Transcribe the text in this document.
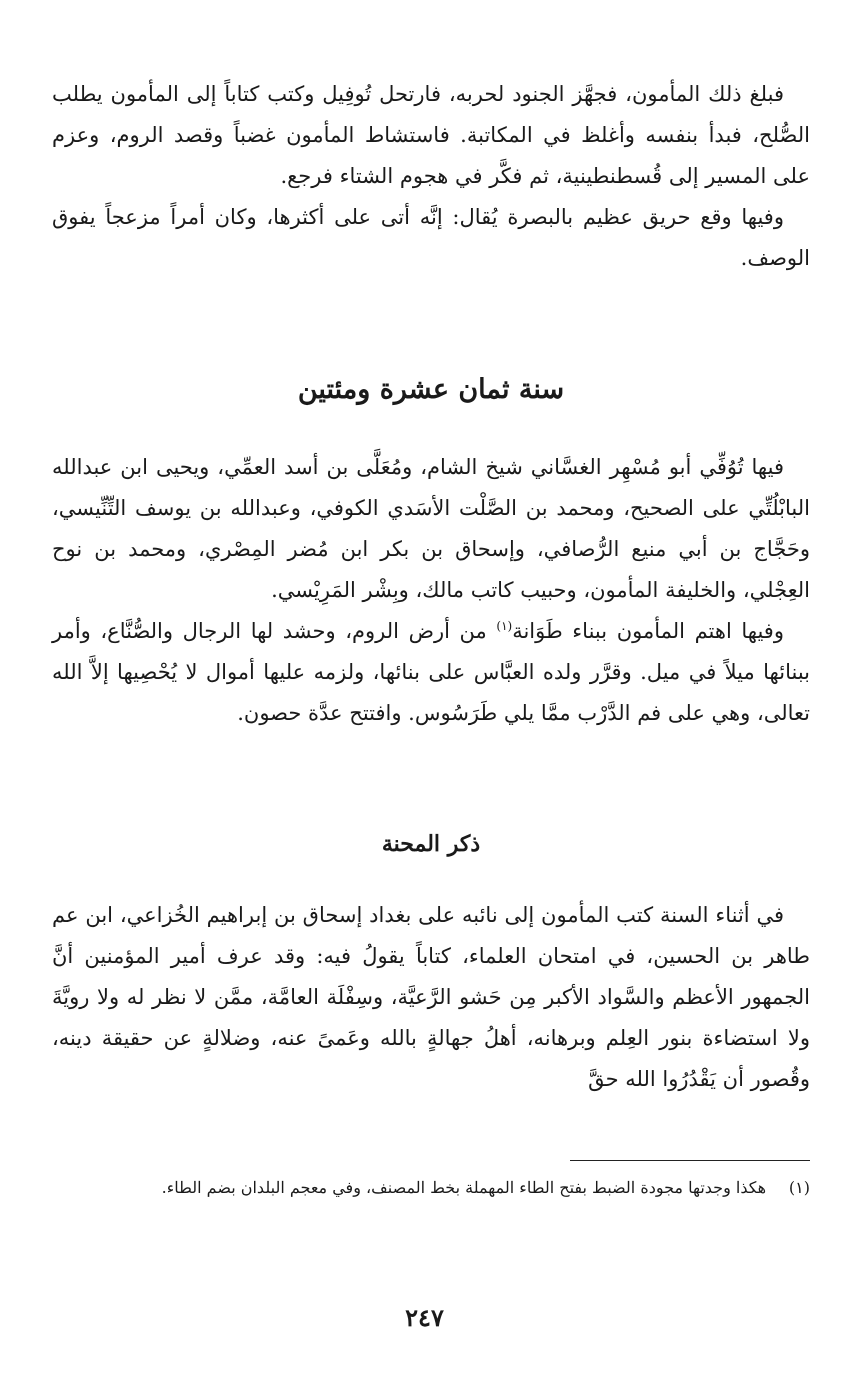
فبلغ ذلك المأمون، فجهَّز الجنود لحربه، فارتحل تُوفِيل وكتب كتاباً إلى المأمون يطلب الصُّلح، فبدأ بنفسه وأغلظ في المكاتبة. فاستشاط المأمون غضباً وقصد الروم، وعزم على المسير إلى قُسطنطينية، ثم فكَّر في هجوم الشتاء فرجع.

وفيها وقع حريق عظيم بالبصرة يُقال: إنَّه أتى على أكثرها، وكان أمراً مزعجاً يفوق الوصف.

سنة ثمان عشرة ومئتين

فيها تُوُفِّي أبو مُسْهِر الغسَّاني شيخ الشام، ومُعَلَّى بن أسد العمِّي، ويحيى ابن عبدالله البابْلُتِّي على الصحيح، ومحمد بن الصَّلْت الأسَدي الكوفي، وعبدالله بن يوسف التِّنِّيسي، وحَجَّاج بن أبي منيع الرُّصافي، وإسحاق بن بكر ابن مُضر المِصْري، ومحمد بن نوح العِجْلي، والخليفة المأمون، وحبيب كاتب مالك، وبِشْر المَرِيْسي.

وفيها اهتم المأمون ببناء طَوَانة$^{(١)}$ من أرض الروم، وحشد لها الرجال والصُّنَّاع، وأمر ببنائها ميلاً في ميل. وقرَّر ولده العبَّاس على بنائها، ولزمه عليها أموال لا يُحْصِيها إلاَّ الله تعالى، وهي على فم الدَّرْب ممَّا يلي طَرَسُوس. وافتتح عدَّة حصون.

ذكر المحنة

في أثناء السنة كتب المأمون إلى نائبه على بغداد إسحاق بن إبراهيم الخُزاعي، ابن عم طاهر بن الحسين، في امتحان العلماء، كتاباً يقولُ فيه: وقد عرف أمير المؤمنين أنَّ الجمهور الأعظم والسَّواد الأكبر مِن حَشو الرَّعيَّة، وسِفْلَة العامَّة، ممَّن لا نظر له ولا رويَّةَ ولا استضاءة بنور العِلم وبرهانه، أهلُ جهالةٍ بالله وعَمىً عنه، وضلالةٍ عن حقيقة دينه، وقُصور أن يَقْدُرُوا الله حقَّ

(١)هكذا وجدتها مجودة الضبط بفتح الطاء المهملة بخط المصنف، وفي معجم البلدان بضم الطاء.

٢٤٧
